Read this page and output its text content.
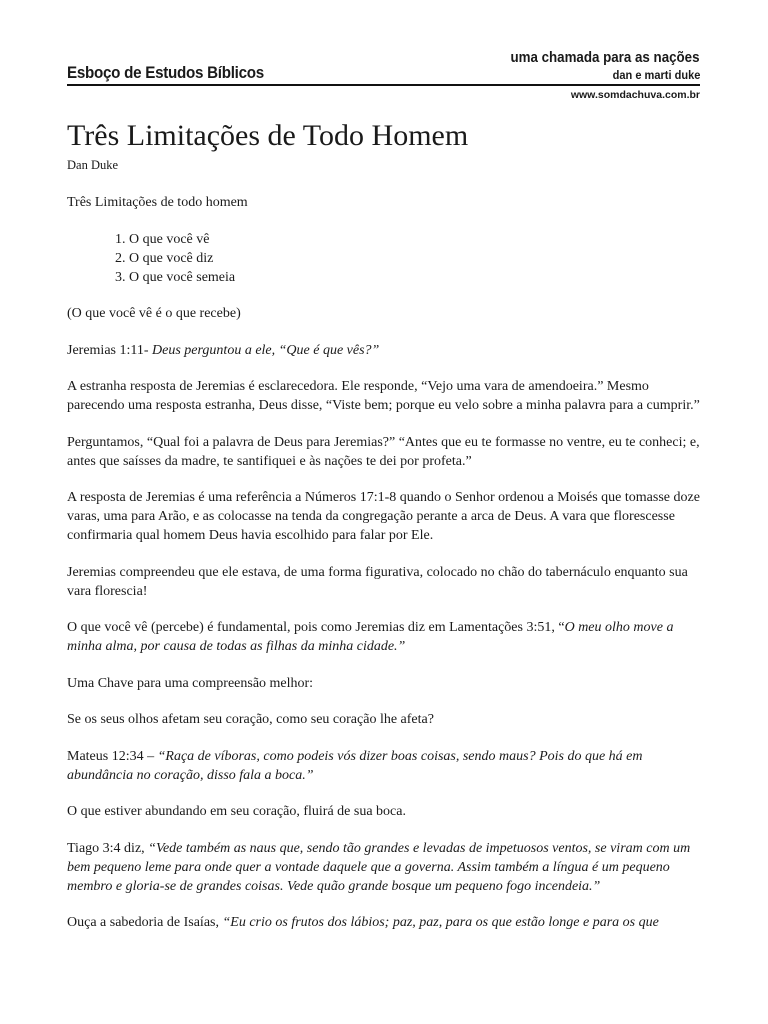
Esboço de Estudos Bíblicos
uma chamada para as nações
dan e marti duke
www.somdachuva.com.br
Três Limitações de Todo Homem
Dan Duke

Três Limitações de todo homem

1. O que você vê
2. O que você diz
3. O que você semeia

(O que você vê é o que recebe)

Jeremias 1:11- Deus perguntou a ele, “Que é que vês?”

A estranha resposta de Jeremias é esclarecedora. Ele responde, “Vejo uma vara de amendoeira.” Mesmo parecendo uma resposta estranha, Deus disse, “Viste bem; porque eu velo sobre a minha palavra para a cumprir.”

Perguntamos, “Qual foi a palavra de Deus para Jeremias?” “Antes que eu te formasse no ventre, eu te conheci; e, antes que saísses da madre, te santifiquei e às nações te dei por profeta.”

A resposta de Jeremias é uma referência a Números 17:1-8 quando o Senhor ordenou a Moisés que tomasse doze varas, uma para Arão, e as colocasse na tenda da congregação perante a arca de Deus. A vara que florescesse confirmaria qual homem Deus havia escolhido para falar por Ele.

Jeremias compreendeu que ele estava, de uma forma figurativa, colocado no chão do tabernáculo enquanto sua vara florescia!

O que você vê (percebe) é fundamental, pois como Jeremias diz em Lamentações 3:51, “O meu olho move a minha alma, por causa de todas as filhas da minha cidade.”

Uma Chave para uma compreensão melhor:

Se os seus olhos afetam seu coração, como seu coração lhe afeta?

Mateus 12:34 – “Raça de víboras, como podeis vós dizer boas coisas, sendo maus? Pois do que há em abundância no coração, disso fala a boca.”

O que estiver abundando em seu coração, fluirá de sua boca.

Tiago 3:4 diz, “Vede também as naus que, sendo tão grandes e levadas de impetuosos ventos, se viram com um bem pequeno leme para onde quer a vontade daquele que a governa. Assim também a língua é um pequeno membro e gloria-se de grandes coisas. Vede quão grande bosque um pequeno fogo incendeia.”

Ouça a sabedoria de Isaías, “Eu crio os frutos dos lábios; paz, paz, para os que estão longe e para os que
